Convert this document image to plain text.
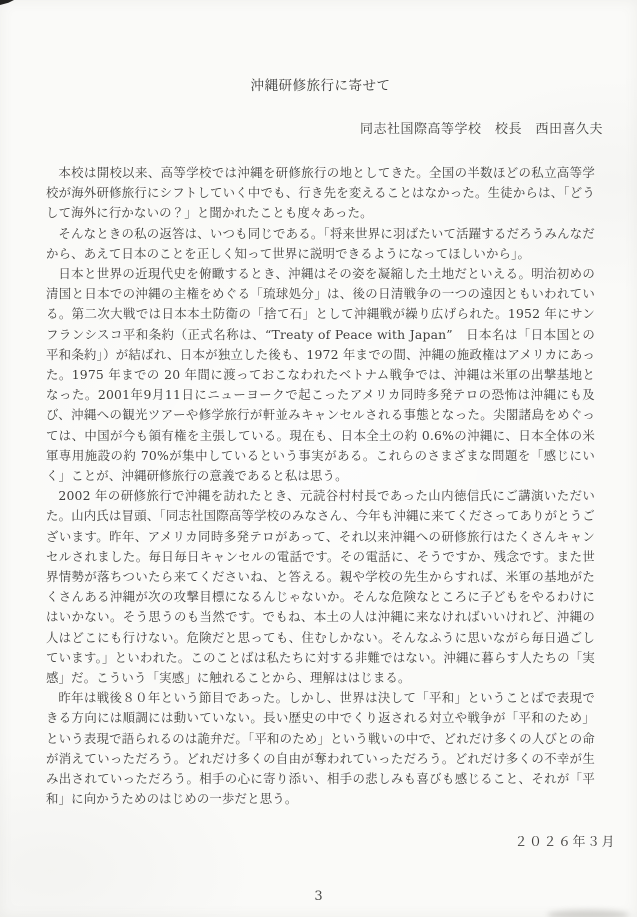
沖縄研修旅行に寄せて
同志社国際高等学校　校長　西田喜久夫

本校は開校以来、高等学校では沖縄を研修旅行の地としてきた。全国の半数ほどの私立高等学校が海外研修旅行にシフトしていく中でも、行き先を変えることはなかった。生徒からは、「どうして海外に行かないの？」と聞かれたことも度々あった。

そんなときの私の返答は、いつも同じである。「将来世界に羽ばたいて活躍するだろうみんなだから、あえて日本のことを正しく知って世界に説明できるようになってほしいから」。

日本と世界の近現代史を俯瞰するとき、沖縄はその姿を凝縮した土地だといえる。明治初めの清国と日本での沖縄の主権をめぐる「琉球処分」は、後の日清戦争の一つの遠因ともいわれている。第二次大戦では日本本土防衛の「捨て石」として沖縄戦が繰り広げられた。1952 年にサンフランシスコ平和条約（正式名称は、“Treaty of Peace with Japan”　日本名は「日本国との平和条約」）が結ばれ、日本が独立した後も、1972 年までの間、沖縄の施政権はアメリカにあった。1975 年までの 20 年間に渡っておこなわれたベトナム戦争では、沖縄は米軍の出撃基地となった。2001年9月11日にニューヨークで起こったアメリカ同時多発テロの恐怖は沖縄にも及び、沖縄への観光ツアーや修学旅行が軒並みキャンセルされる事態となった。尖閣諸島をめぐっては、中国が今も領有権を主張している。現在も、日本全土の約 0.6%の沖縄に、日本全体の米軍専用施設の約 70%が集中しているという事実がある。これらのさまざまな問題を「感じにいく」ことが、沖縄研修旅行の意義であると私は思う。

2002 年の研修旅行で沖縄を訪れたとき、元読谷村村長であった山内徳信氏にご講演いただいた。山内氏は冒頭、「同志社国際高等学校のみなさん、今年も沖縄に来てくださってありがとうございます。昨年、アメリカ同時多発テロがあって、それ以来沖縄への研修旅行はたくさんキャンセルされました。毎日毎日キャンセルの電話です。その電話に、そうですか、残念です。また世界情勢が落ちついたら来てくださいね、と答える。親や学校の先生からすれば、米軍の基地がたくさんある沖縄が次の攻撃目標になるんじゃないか。そんな危険なところに子どもをやるわけにはいかない。そう思うのも当然です。でもね、本土の人は沖縄に来なければいいけれど、沖縄の人はどこにも行けない。危険だと思っても、住むしかない。そんなふうに思いながら毎日過ごしています。」といわれた。このことばは私たちに対する非難ではない。沖縄に暮らす人たちの「実感」だ。こういう「実感」に触れることから、理解ははじまる。

昨年は戦後８０年という節目であった。しかし、世界は決して「平和」ということばで表現できる方向には順調には動いていない。長い歴史の中でくり返される対立や戦争が「平和のため」という表現で語られるのは詭弁だ。「平和のため」という戦いの中で、どれだけ多くの人びとの命が消えていっただろう。どれだけ多くの自由が奪われていっただろう。どれだけ多くの不幸が生み出されていっただろう。相手の心に寄り添い、相手の悲しみも喜びも感じること、それが「平和」に向かうためのはじめの一歩だと思う。

２０２６年３月
3
